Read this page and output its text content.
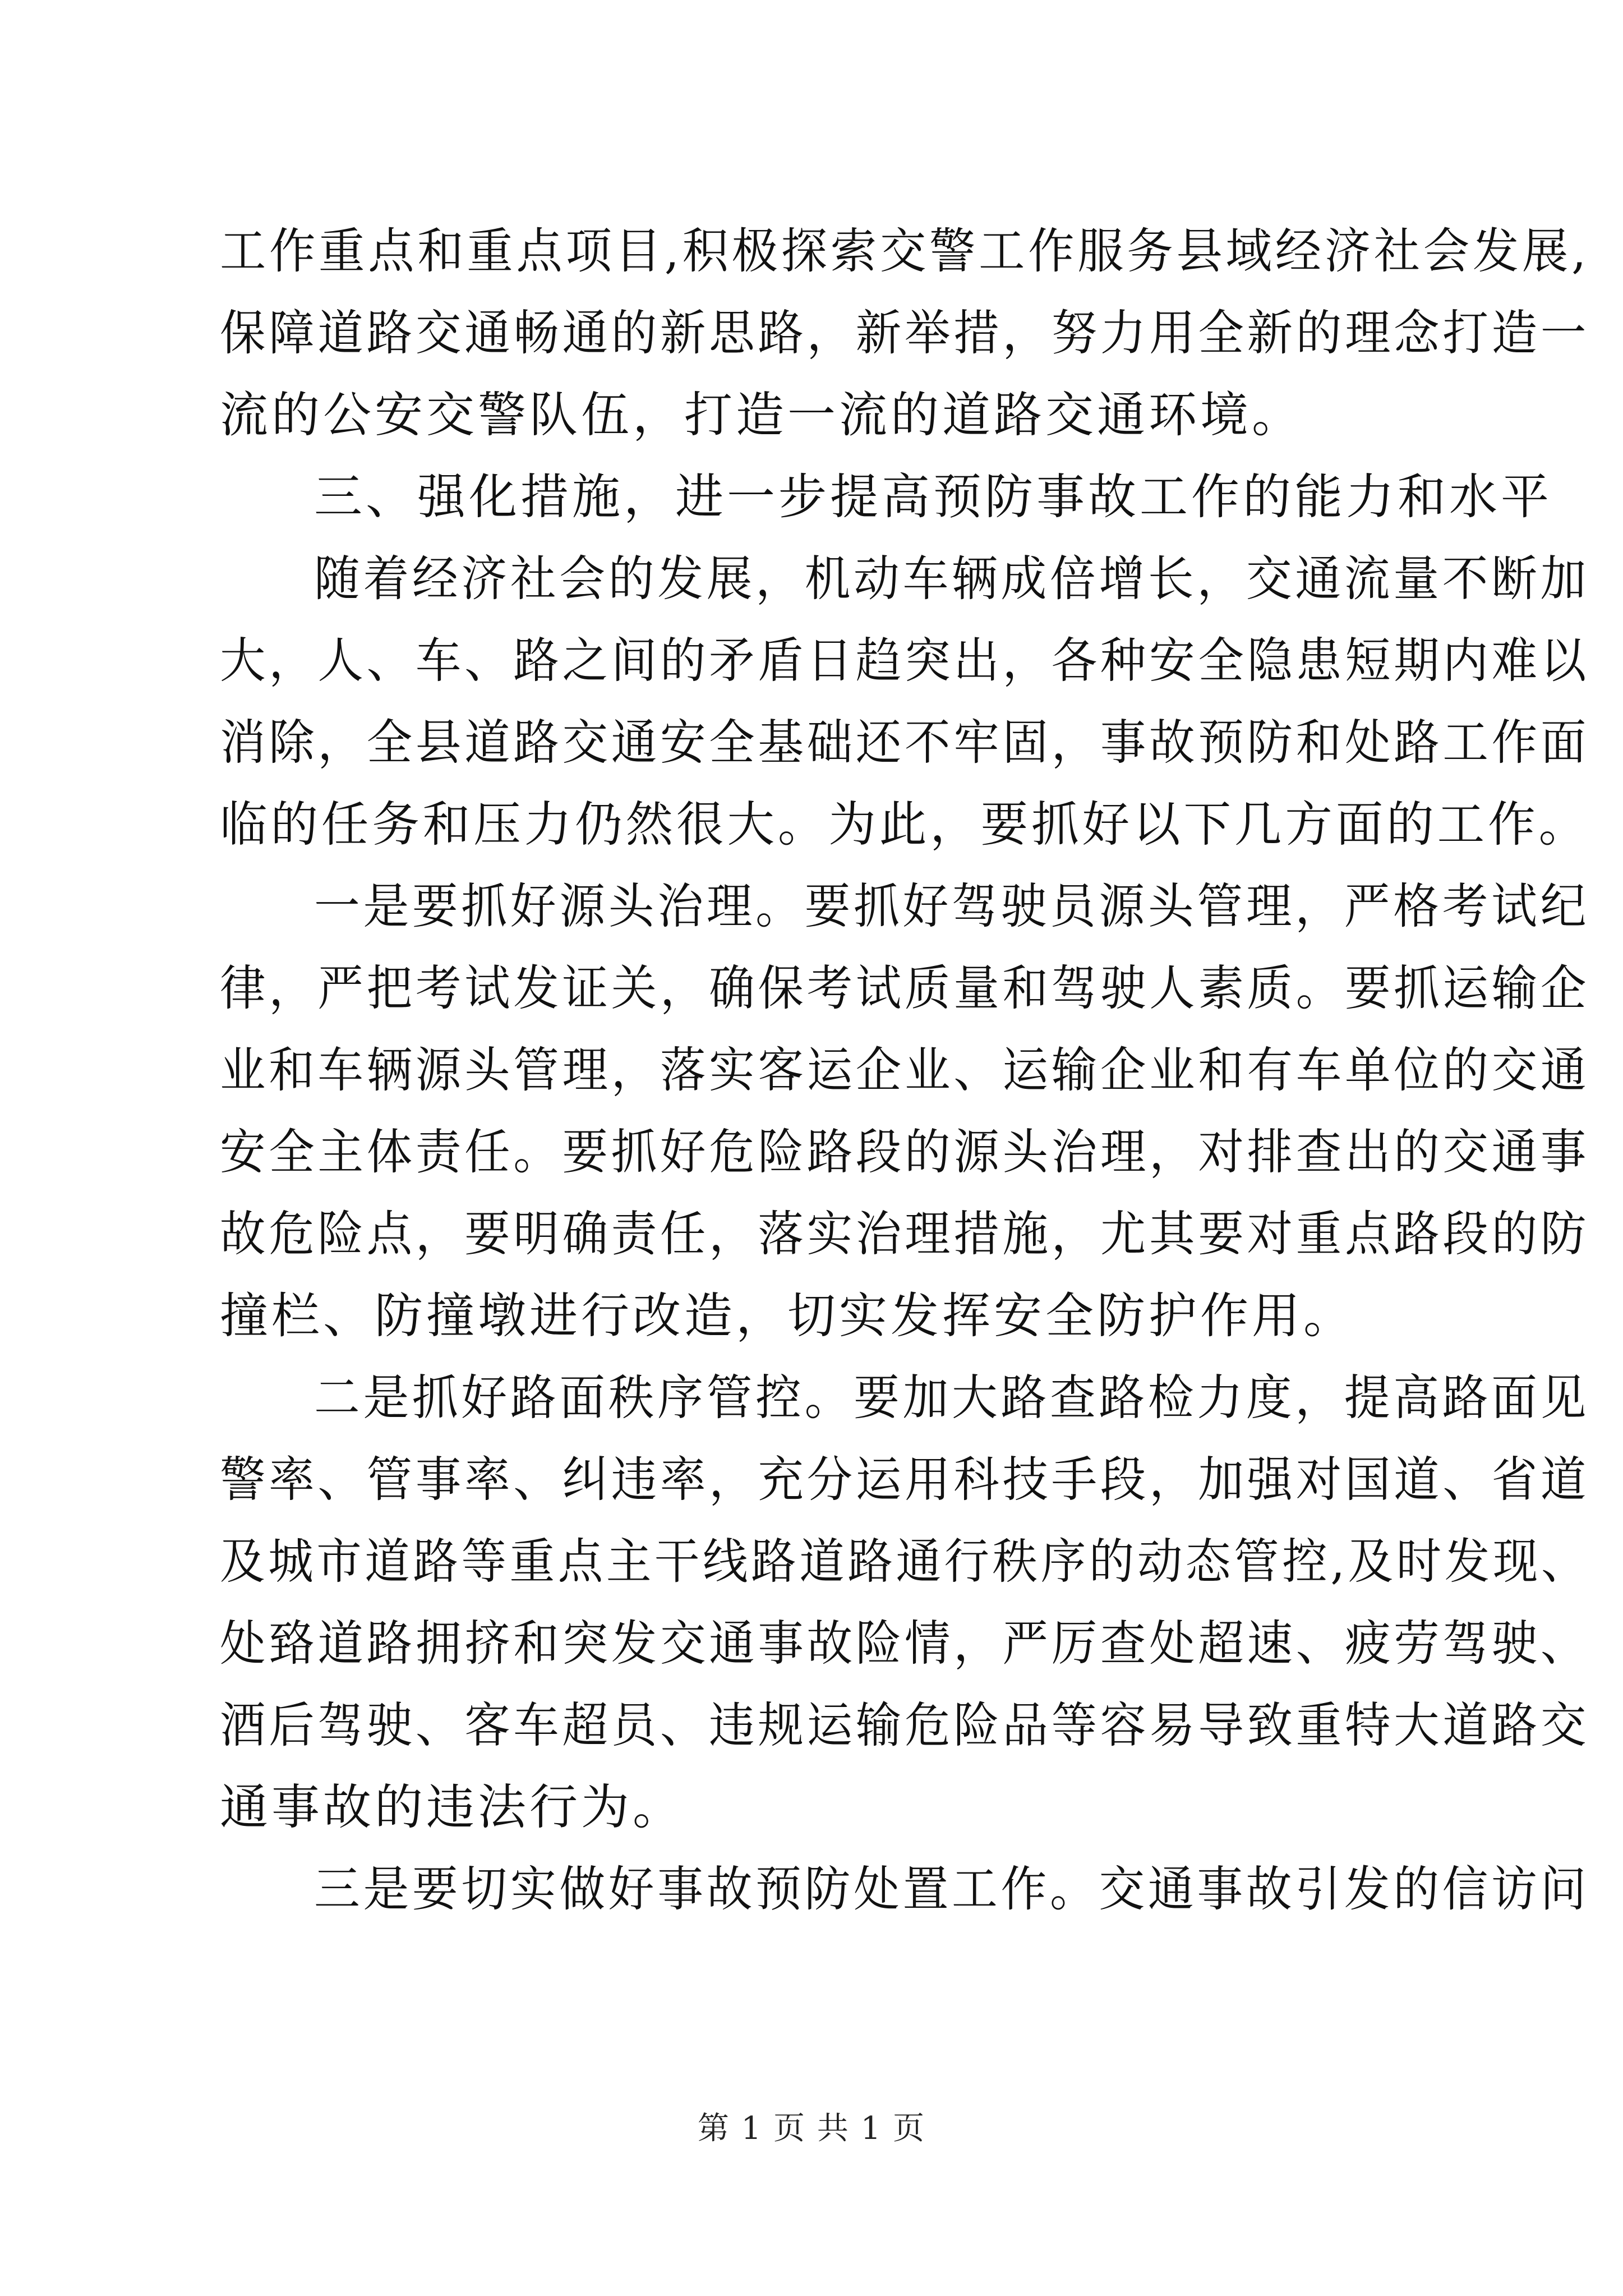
工作重点和重点项目,积极探索交警工作服务县域经济社会发展,
保障道路交通畅通的新思路，新举措，努力用全新的理念打造一
流的公安交警队伍，打造一流的道路交通环境。
三、强化措施，进一步提高预防事故工作的能力和水平
随着经济社会的发展，机动车辆成倍增长，交通流量不断加
大，人、车、路之间的矛盾日趋突出，各种安全隐患短期内难以
消除，全县道路交通安全基础还不牢固，事故预防和处路工作面
临的任务和压力仍然很大。为此，要抓好以下几方面的工作。
一是要抓好源头治理。要抓好驾驶员源头管理，严格考试纪
律，严把考试发证关，确保考试质量和驾驶人素质。要抓运输企
业和车辆源头管理，落实客运企业、运输企业和有车单位的交通
安全主体责任。要抓好危险路段的源头治理，对排查出的交通事
故危险点，要明确责任，落实治理措施，尤其要对重点路段的防
撞栏、防撞墩进行改造，切实发挥安全防护作用。
二是抓好路面秩序管控。要加大路查路检力度，提高路面见
警率、管事率、纠违率，充分运用科技手段，加强对国道、省道
及城市道路等重点主干线路道路通行秩序的动态管控,及时发现、
处臵道路拥挤和突发交通事故险情，严厉查处超速、疲劳驾驶、
酒后驾驶、客车超员、违规运输危险品等容易导致重特大道路交
通事故的违法行为。
三是要切实做好事故预防处置工作。交通事故引发的信访问
第 1 页 共 1 页
